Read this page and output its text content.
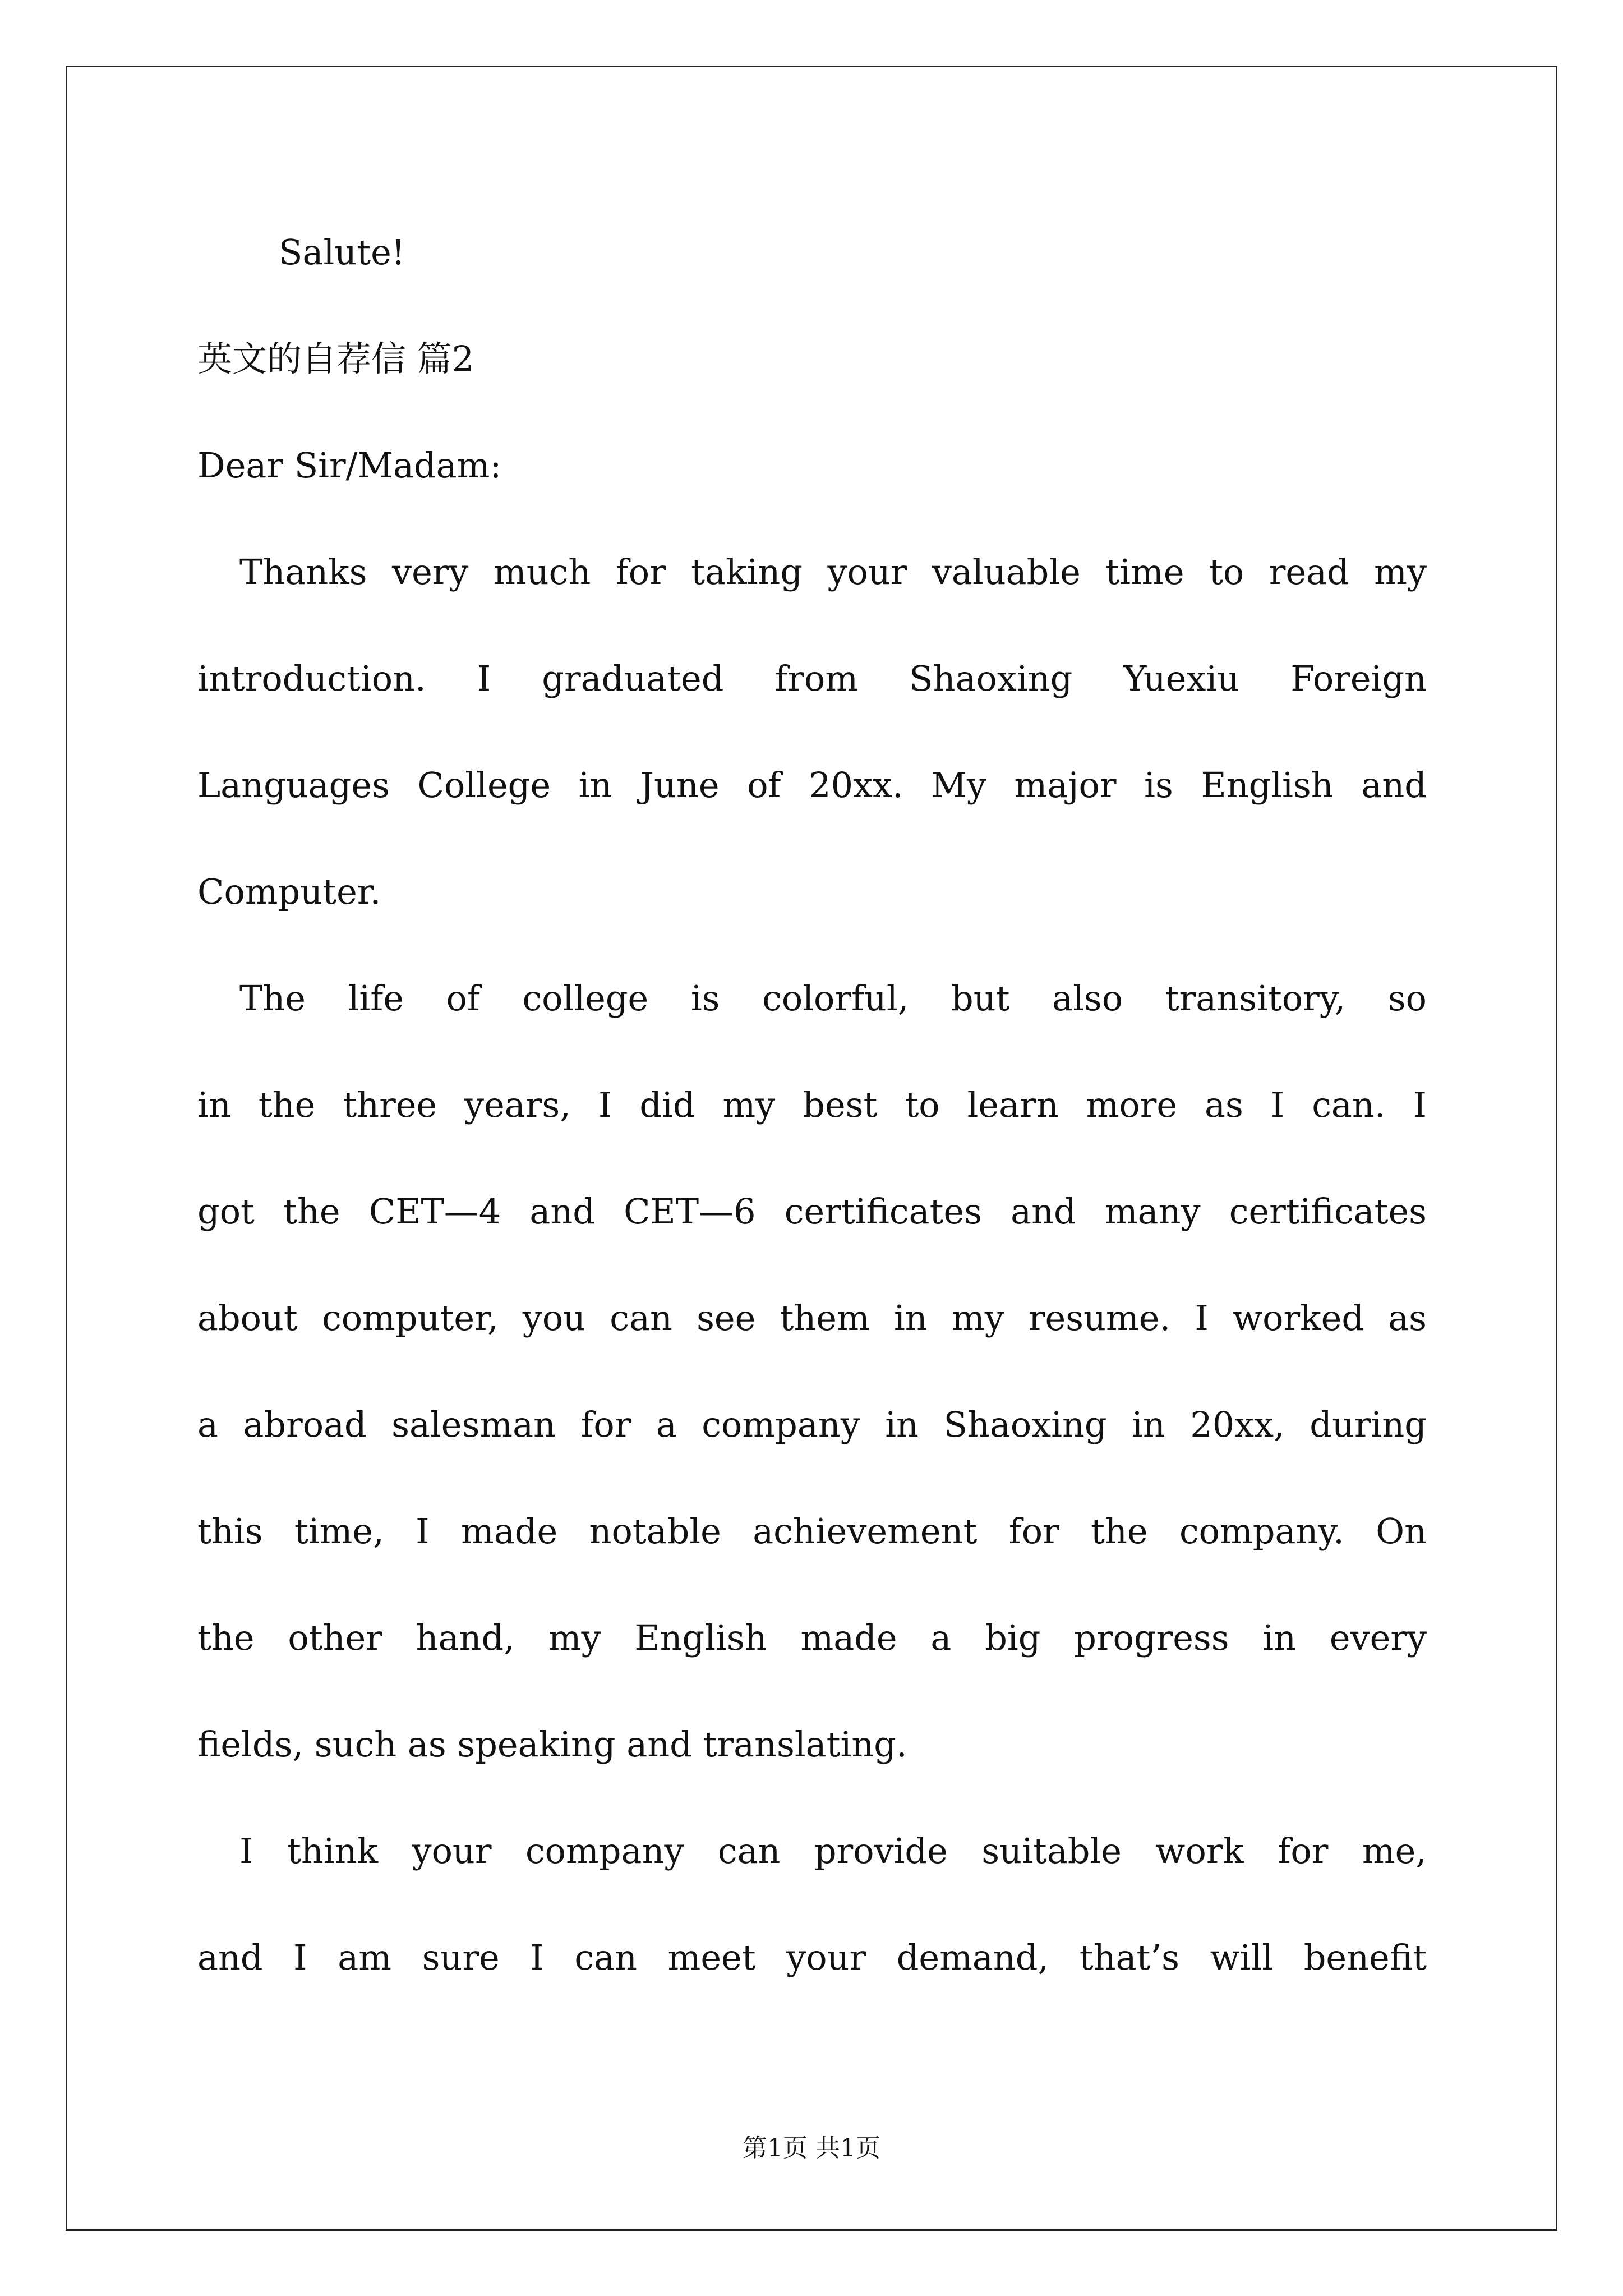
Salute!

英文的自荐信 篇2

Dear Sir/Madam:

Thanks very much for taking your valuable time to read my

introduction. I graduated from Shaoxing Yuexiu Foreign

Languages College in June of 20xx. My major is English and

Computer.

The life of college is colorful, but also transitory, so

in the three years, I did my best to learn more as I can. I

got the CET—4 and CET—6 certificates and many certificates

about computer, you can see them in my resume. I worked as

a abroad salesman for a company in Shaoxing in 20xx, during

this time, I made notable achievement for the company. On

the other hand, my English made a big progress in every

fields, such as speaking and translating.

I think your company can provide suitable work for me,

and I am sure I can meet your demand, that’s will benefit

第1页 共1页
